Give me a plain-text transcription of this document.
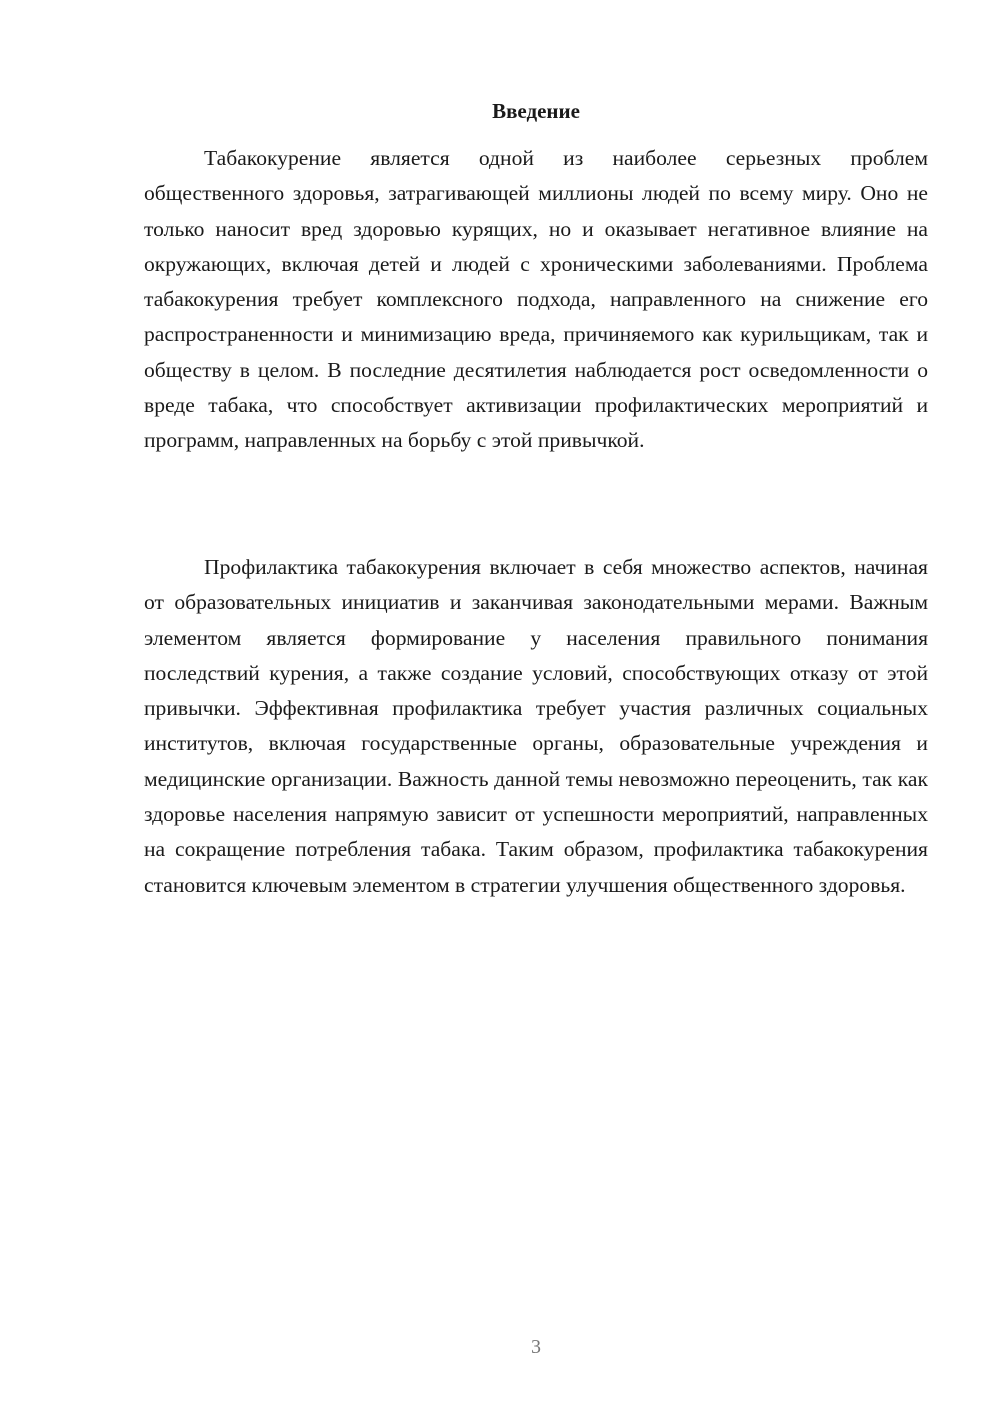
Введение

Табакокурение является одной из наиболее серьезных проблем общественного здоровья, затрагивающей миллионы людей по всему миру. Оно не только наносит вред здоровью курящих, но и оказывает негативное влияние на окружающих, включая детей и людей с хроническими заболеваниями. Проблема табакокурения требует комплексного подхода, направленного на снижение его распространенности и минимизацию вреда, причиняемого как курильщикам, так и обществу в целом. В последние десятилетия наблюдается рост осведомленности о вреде табака, что способствует активизации профилактических мероприятий и программ, направленных на борьбу с этой привычкой.

Профилактика табакокурения включает в себя множество аспектов, начиная от образовательных инициатив и заканчивая законодательными мерами. Важным элементом является формирование у населения правильного понимания последствий курения, а также создание условий, способствующих отказу от этой привычки. Эффективная профилактика требует участия различных социальных институтов, включая государственные органы, образовательные учреждения и медицинские организации. Важность данной темы невозможно переоценить, так как здоровье населения напрямую зависит от успешности мероприятий, направленных на сокращение потребления табака. Таким образом, профилактика табакокурения становится ключевым элементом в стратегии улучшения общественного здоровья.

3
